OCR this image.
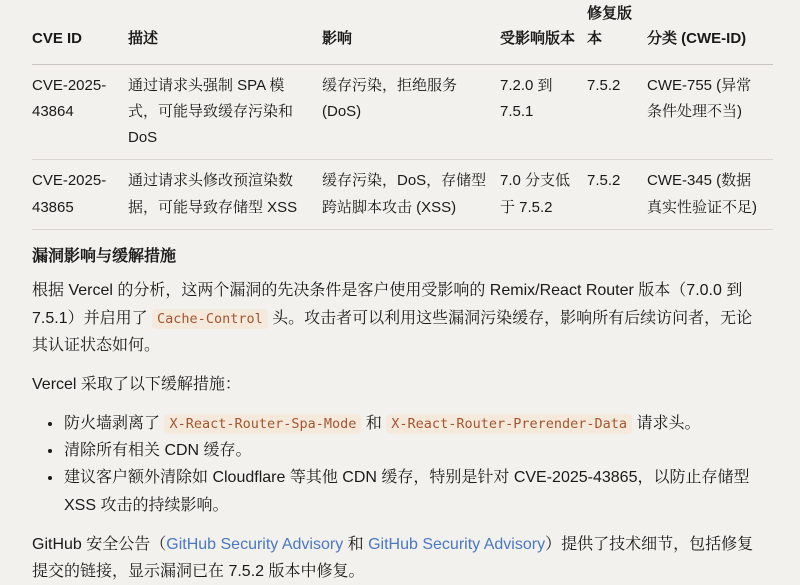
CVE ID	描述	影响	受影响版本	修复版本	分类 (CWE-ID)
CVE-2025-43864	通过请求头强制 SPA 模式，可能导致缓存污染和 DoS	缓存污染，拒绝服务 (DoS)	7.2.0 到 7.5.1	7.5.2	CWE-755 (异常条件处理不当)
CVE-2025-43865	通过请求头修改预渲染数据，可能导致存储型 XSS	缓存污染，DoS，存储型跨站脚本攻击 (XSS)	7.0 分支低于 7.5.2	7.5.2	CWE-345 (数据真实性验证不足)
漏洞影响与缓解措施

根据 Vercel 的分析，这两个漏洞的先决条件是客户使用受影响的 Remix/React Router 版本（7.0.0 到 7.5.1）并启用了 Cache-Control 头。攻击者可以利用这些漏洞污染缓存，影响所有后续访问者，无论其认证状态如何。

Vercel 采取了以下缓解措施：

• 防火墙剥离了 X-React-Router-Spa-Mode 和 X-React-Router-Prerender-Data 请求头。
• 清除所有相关 CDN 缓存。
• 建议客户额外清除如 Cloudflare 等其他 CDN 缓存，特别是针对 CVE-2025-43865，以防止存储型 XSS 攻击的持续影响。

GitHub 安全公告（GitHub Security Advisory 和 GitHub Security Advisory）提供了技术细节，包括修复提交的链接，显示漏洞已在 7.5.2 版本中修复。
